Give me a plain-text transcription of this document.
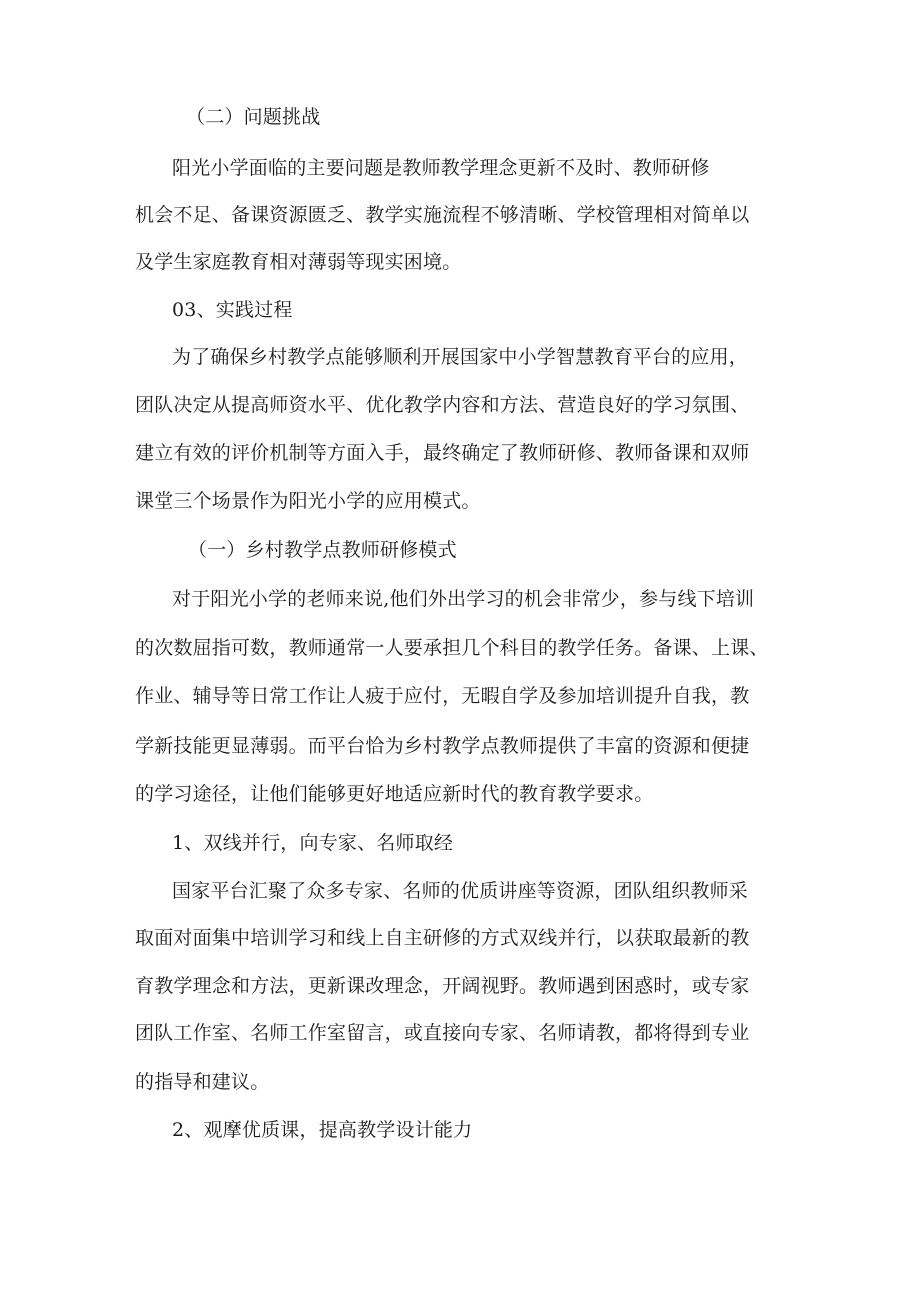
（二）问题挑战
阳光小学面临的主要问题是教师教学理念更新不及时、教师研修
机会不足、备课资源匮乏、教学实施流程不够清晰、学校管理相对简单以
及学生家庭教育相对薄弱等现实困境。
03、实践过程
为了确保乡村教学点能够顺利开展国家中小学智慧教育平台的应用，
团队决定从提高师资水平、优化教学内容和方法、营造良好的学习氛围、
建立有效的评价机制等方面入手，最终确定了教师研修、教师备课和双师
课堂三个场景作为阳光小学的应用模式。
（一）乡村教学点教师研修模式
对于阳光小学的老师来说,他们外出学习的机会非常少，参与线下培训
的次数屈指可数，教师通常一人要承担几个科目的教学任务。备课、上课、
作业、辅导等日常工作让人疲于应付，无暇自学及参加培训提升自我，教
学新技能更显薄弱。而平台恰为乡村教学点教师提供了丰富的资源和便捷
的学习途径，让他们能够更好地适应新时代的教育教学要求。
1、双线并行，向专家、名师取经
国家平台汇聚了众多专家、名师的优质讲座等资源，团队组织教师采
取面对面集中培训学习和线上自主研修的方式双线并行，以获取最新的教
育教学理念和方法，更新课改理念，开阔视野。教师遇到困惑时，或专家
团队工作室、名师工作室留言，或直接向专家、名师请教，都将得到专业
的指导和建议。
2、观摩优质课，提高教学设计能力
